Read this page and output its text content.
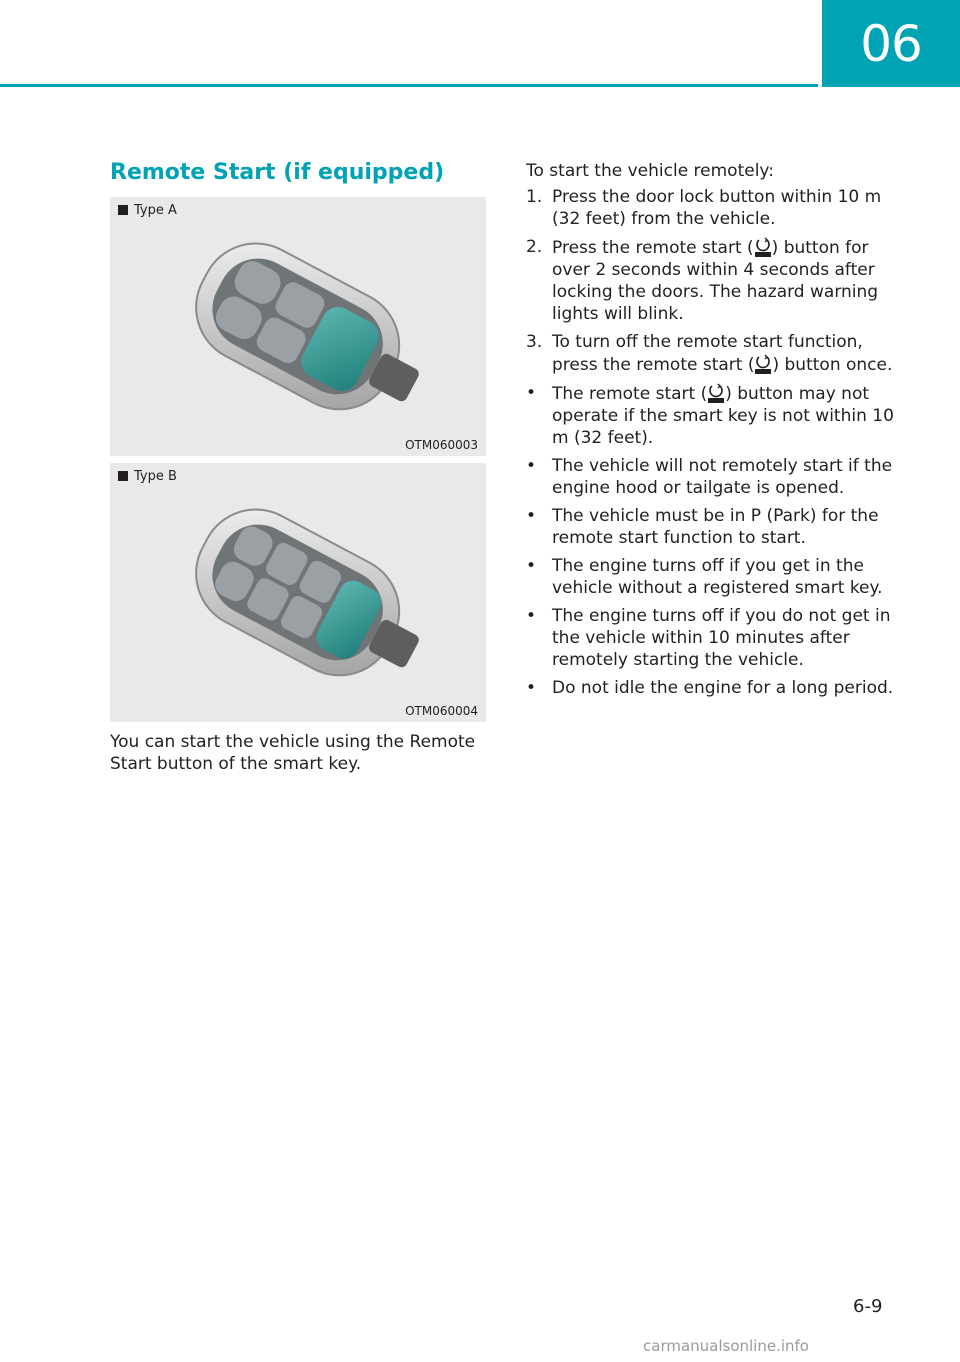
06
Remote Start (if equipped)
Type A
OTM060003
Type B
OTM060004

You can start the vehicle using the Remote Start button of the smart key.

To start the vehicle remotely:

1. Press the door lock button within 10 m (32 feet) from the vehicle.
2. Press the remote start ( ) button for over 2 seconds within 4 seconds after locking the doors. The hazard warning lights will blink.
3. To turn off the remote start function, press the remote start ( ) button once.
• The remote start ( ) button may not operate if the smart key is not within 10 m (32 feet).
• The vehicle will not remotely start if the engine hood or tailgate is opened.
• The vehicle must be in P (Park) for the remote start function to start.
• The engine turns off if you get in the vehicle without a registered smart key.
• The engine turns off if you do not get in the vehicle within 10 minutes after remotely starting the vehicle.
• Do not idle the engine for a long period.
6-9
carmanualsonline.info
